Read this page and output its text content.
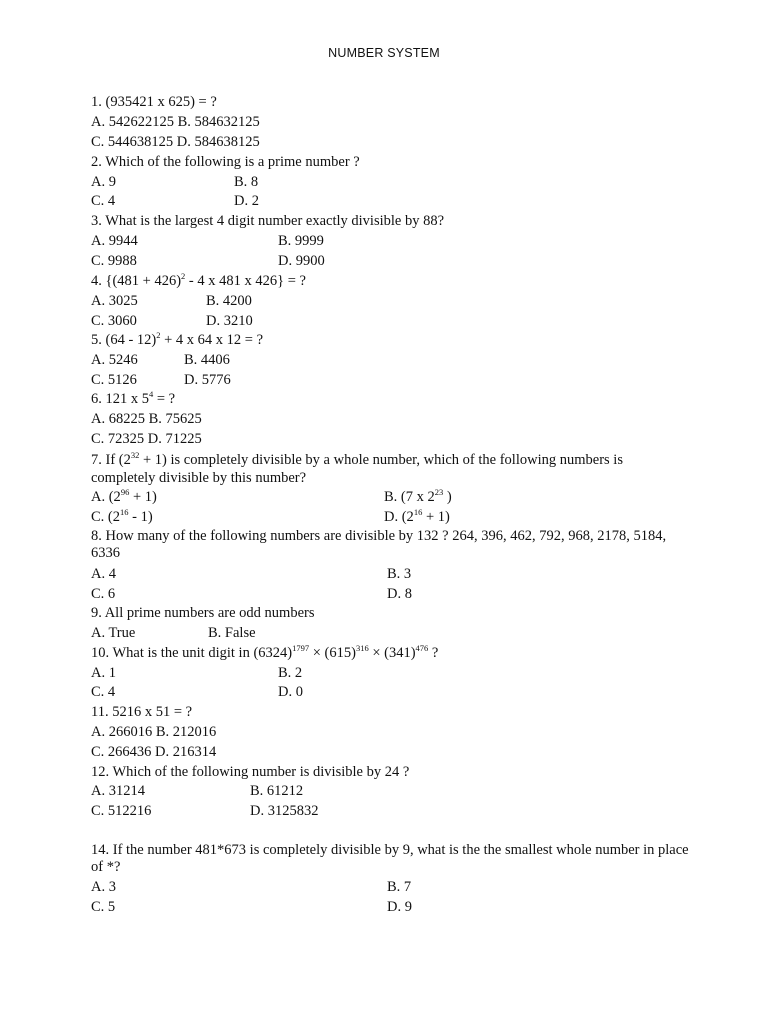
NUMBER SYSTEM
1. (935421 x 625) = ?
A. 542622125 B. 584632125
C. 544638125 D. 584638125
2. Which of the following is a prime number ?
A. 9	B. 8
C. 4	D. 2
3. What is the largest 4 digit number exactly divisible by 88?
A. 9944	B. 9999
C. 9988	D. 9900
4. {$(481 + 426)^2 - 4$ x 481 x 426} = ?
A. 3025	B. 4200
C. 3060	D. 3210
5. (64 - 12)$^2$ + 4 x 64 x 12 = ?
A. 5246	B. 4406
C. 5126	D. 5776
6. 121 x $5^4$ = ?
A. 68225 B. 75625
C. 72325 D. 71225
7. If $(2^{32} + 1)$ is completely divisible by a whole number, which of the following numbers is completely divisible by this number?
A. $(2^{96} + 1)$	B. (7 x $2^{23}$ )
C. $(2^{16} - 1)$	D. $(2^{16} + 1)$
8. How many of the following numbers are divisible by 132 ? 264, 396, 462, 792, 968, 2178, 5184, 6336
A. 4	B. 3
C. 6	D. 8
9. All prime numbers are odd numbers
A. True	B. False
10. What is the unit digit in $(6324)^{1797} \times (615)^{316} \times (341)^{476}$ ?
A. 1	B. 2
C. 4	D. 0
11. 5216 x 51 = ?
A. 266016 B. 212016
C. 266436 D. 216314
12. Which of the following number is divisible by 24 ?
A. 31214	B. 61212
C. 512216	D. 3125832
14. If the number 481*673 is completely divisible by 9, what is the the smallest whole number in place of *?
A. 3	B. 7
C. 5	D. 9
